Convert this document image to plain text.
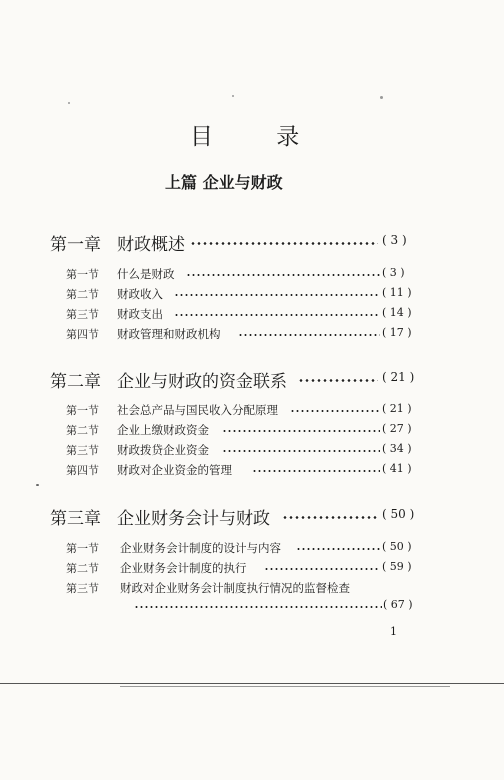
目 录
上篇 企业与财政
第一章 财政概述	( 3 )
第一节 什么是财政	( 3 )
第二节 财政收入	( 11 )
第三节 财政支出	( 14 )
第四节 财政管理和财政机构	( 17 )
第二章 企业与财政的资金联系	( 21 )
第一节 社会总产品与国民收入分配原理	( 21 )
第二节 企业上缴财政资金	( 27 )
第三节 财政拨贷企业资金	( 34 )
第四节 财政对企业资金的管理	( 41 )
第三章 企业财务会计与财政	( 50 )
第一节 企业财务会计制度的设计与内容	( 50 )
第二节 企业财务会计制度的执行	( 59 )
第三节 财政对企业财务会计制度执行情况的监督检查
( 67 )
1
